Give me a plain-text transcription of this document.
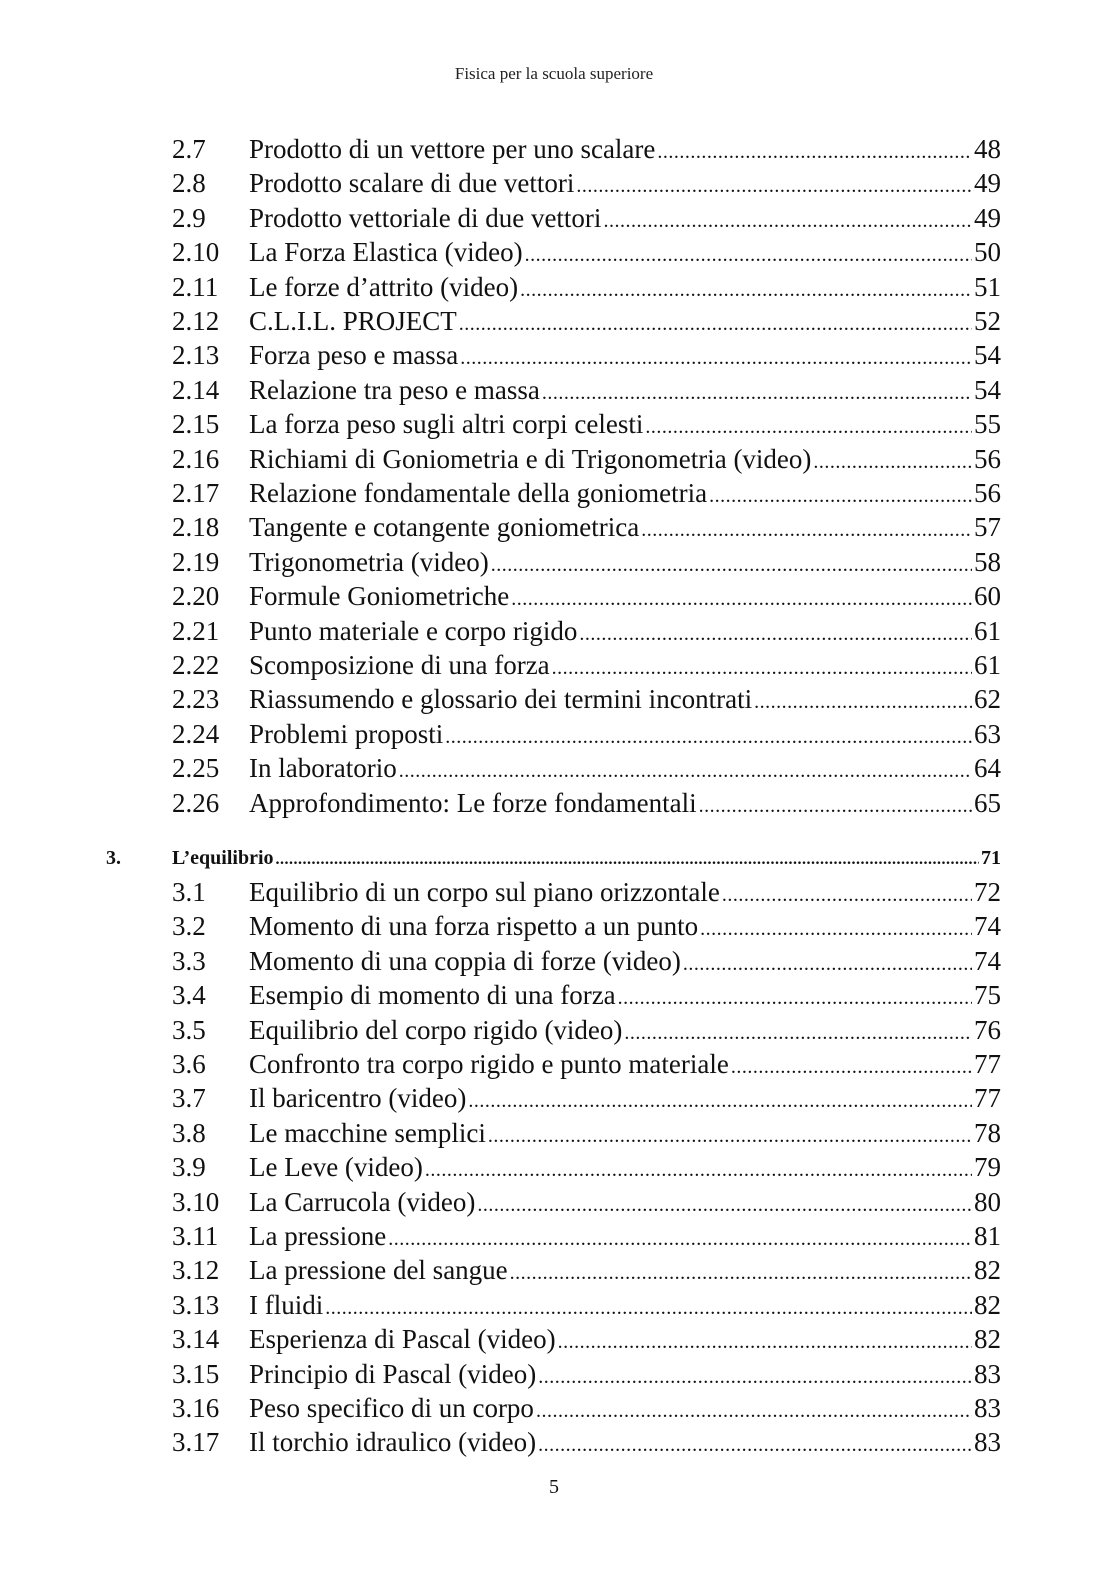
Fisica per la scuola superiore
2.7 Prodotto di un vettore per uno scalare .....	48
2.8 Prodotto scalare di due vettori .....	49
2.9 Prodotto vettoriale di due vettori .....	49
2.10 La Forza Elastica (video) .....	50
2.11 Le forze d’attrito (video) .....	51
2.12 C.L.I.L. PROJECT .....	52
2.13 Forza peso e massa .....	54
2.14 Relazione tra peso e massa .....	54
2.15 La forza peso sugli altri corpi celesti .....	55
2.16 Richiami di Goniometria e di Trigonometria (video) .....	56
2.17 Relazione fondamentale della goniometria .....	56
2.18 Tangente e cotangente goniometrica .....	57
2.19 Trigonometria (video) .....	58
2.20 Formule Goniometriche .....	60
2.21 Punto materiale e corpo rigido .....	61
2.22 Scomposizione di una forza .....	61
2.23 Riassumendo e glossario dei termini incontrati .....	62
2.24 Problemi proposti .....	63
2.25 In laboratorio .....	64
2.26 Approfondimento: Le forze fondamentali .....	65
3.	L’equilibrio .....	71
3.1 Equilibrio di un corpo sul piano orizzontale .....	72
3.2 Momento di una forza rispetto a un punto .....	74
3.3 Momento di una coppia di forze (video) .....	74
3.4 Esempio di momento di una forza .....	75
3.5 Equilibrio del corpo rigido (video) .....	76
3.6 Confronto tra corpo rigido e punto materiale .....	77
3.7 Il baricentro (video) .....	77
3.8 Le macchine semplici .....	78
3.9 Le Leve (video) .....	79
3.10 La Carrucola (video) .....	80
3.11 La pressione .....	81
3.12 La pressione del sangue .....	82
3.13 I fluidi .....	82
3.14 Esperienza di Pascal (video) .....	82
3.15 Principio di Pascal (video) .....	83
3.16 Peso specifico di un corpo .....	83
3.17 Il torchio idraulico (video) .....	83
5
